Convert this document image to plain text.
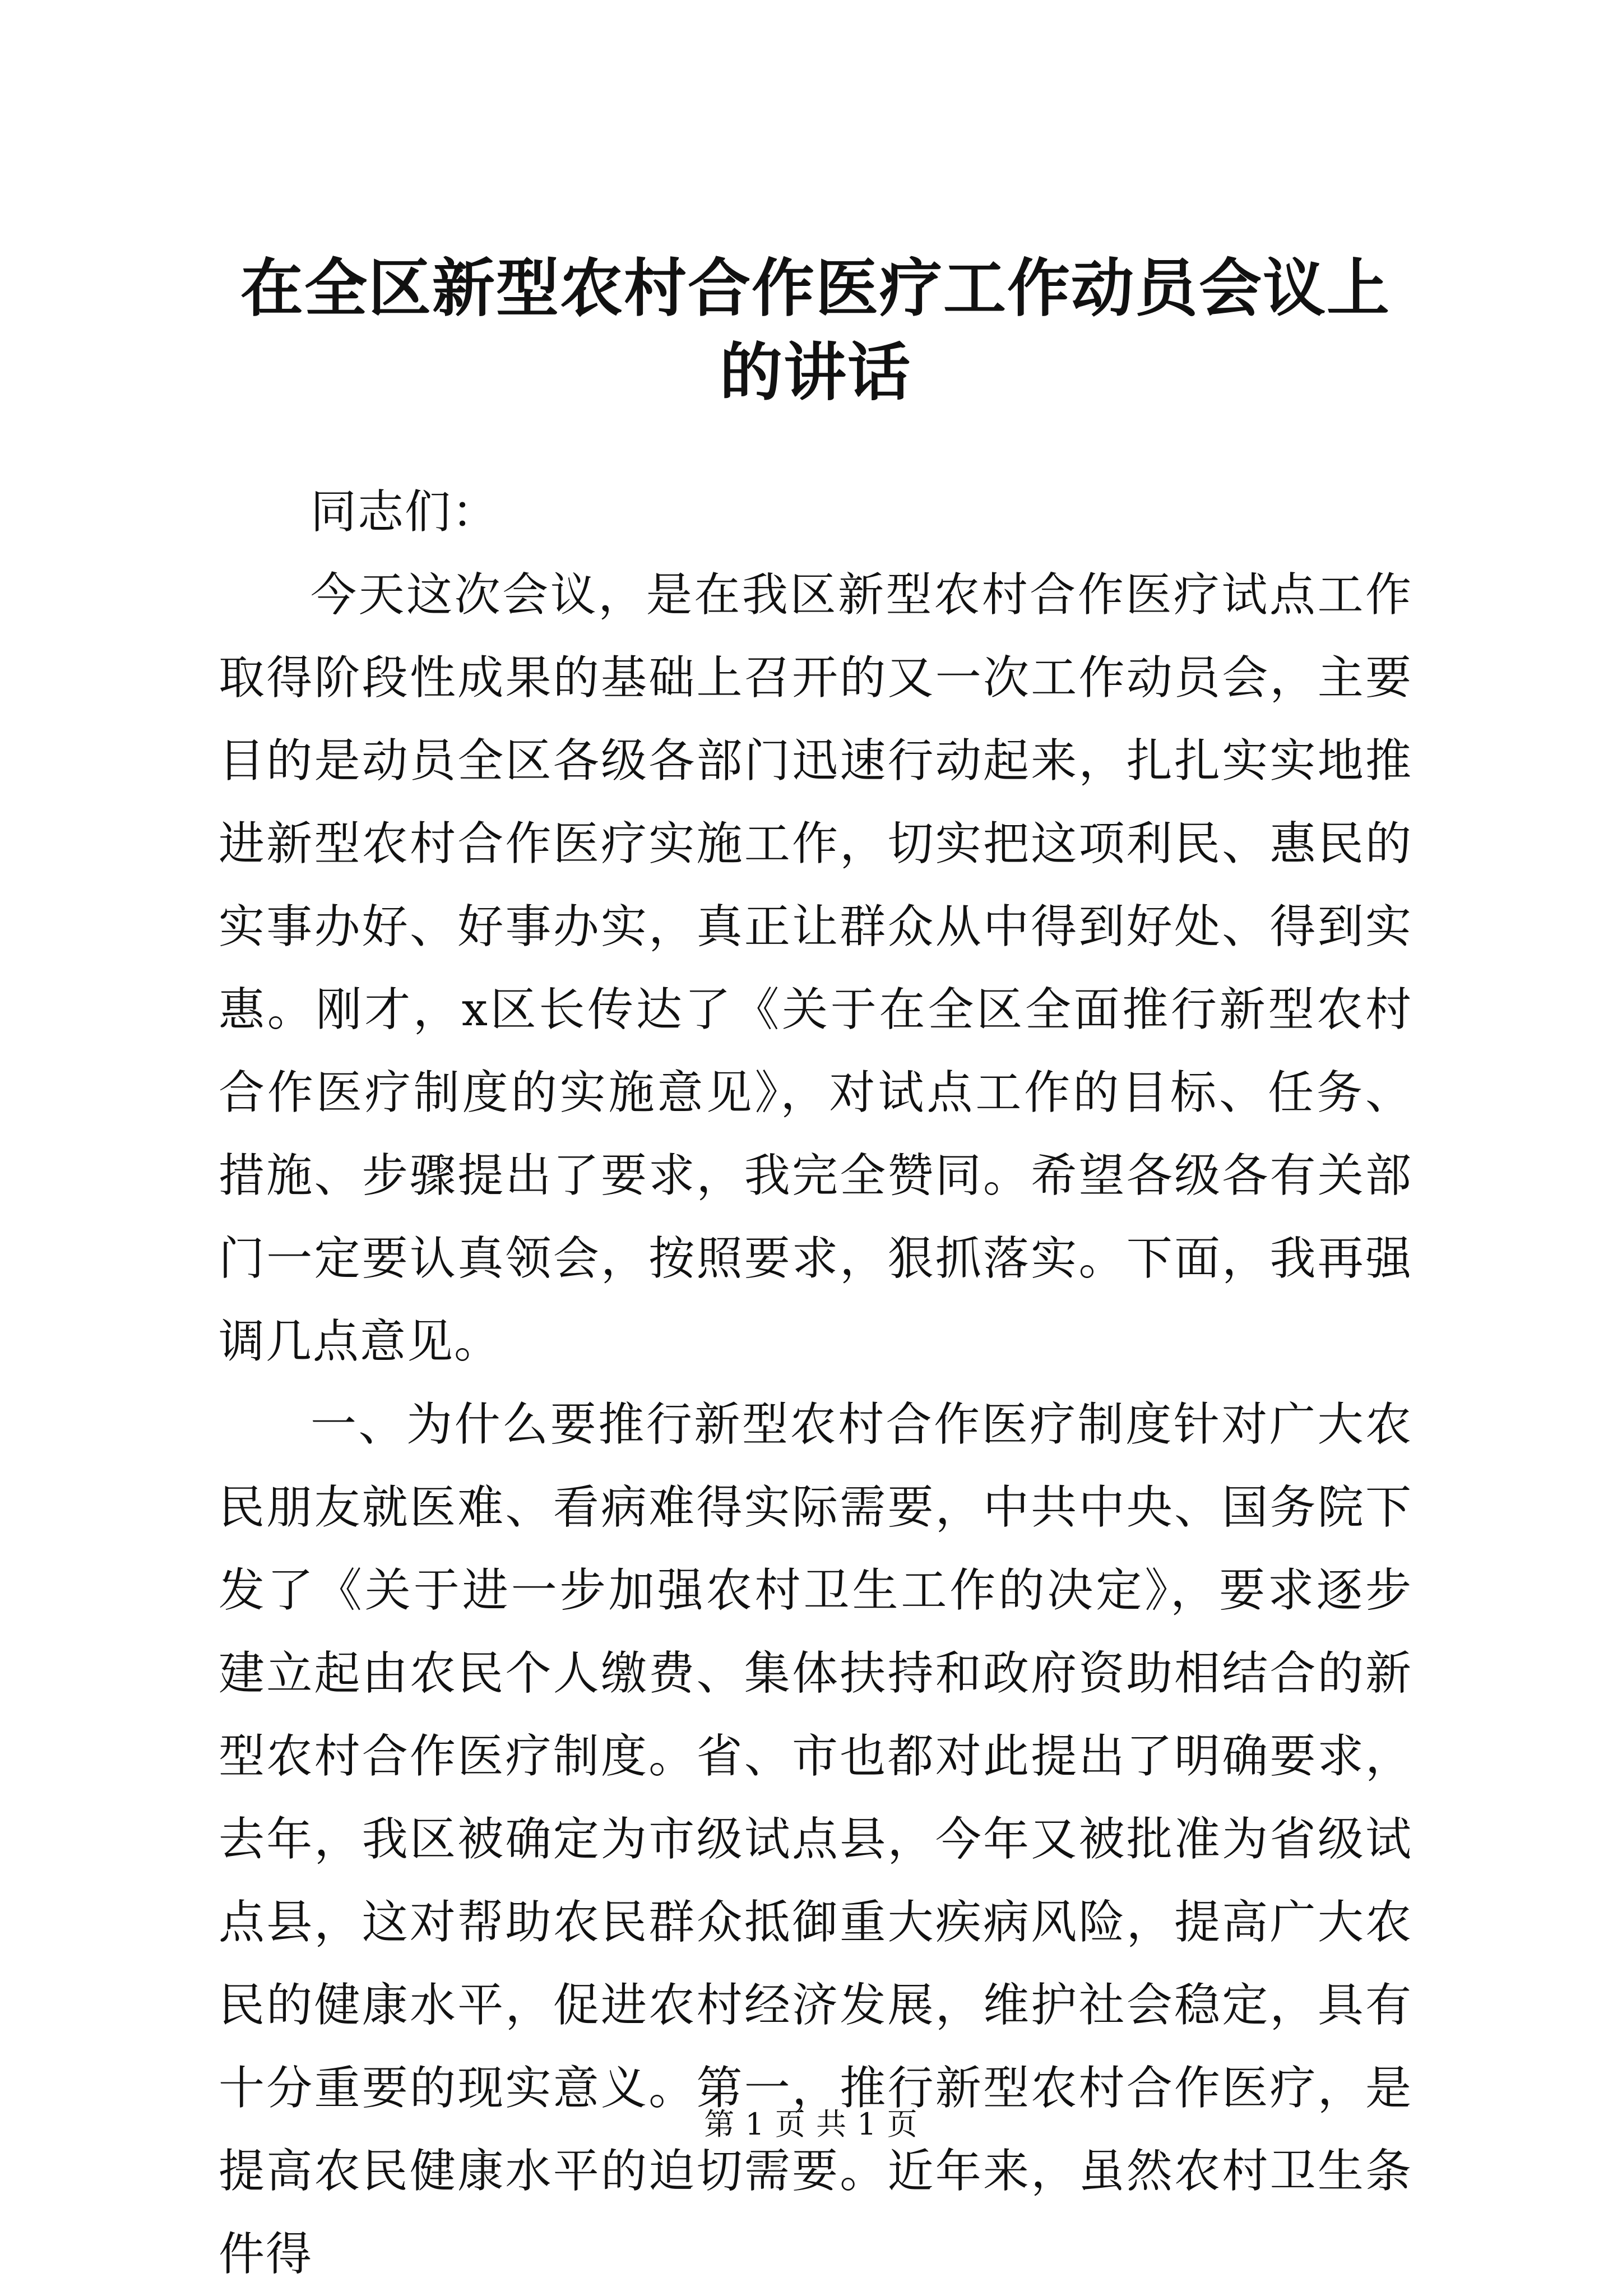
在全区新型农村合作医疗工作动员会议上的讲话

同志们：

今天这次会议，是在我区新型农村合作医疗试点工作取得阶段性成果的基础上召开的又一次工作动员会，主要目的是动员全区各级各部门迅速行动起来，扎扎实实地推进新型农村合作医疗实施工作，切实把这项利民、惠民的实事办好、好事办实，真正让群众从中得到好处、得到实惠。刚才，x区长传达了《关于在全区全面推行新型农村合作医疗制度的实施意见》，对试点工作的目标、任务、措施、步骤提出了要求，我完全赞同。希望各级各有关部门一定要认真领会，按照要求，狠抓落实。下面，我再强调几点意见。

一、为什么要推行新型农村合作医疗制度针对广大农民朋友就医难、看病难得实际需要，中共中央、国务院下发了《关于进一步加强农村卫生工作的决定》，要求逐步建立起由农民个人缴费、集体扶持和政府资助相结合的新型农村合作医疗制度。省、市也都对此提出了明确要求，去年，我区被确定为市级试点县，今年又被批准为省级试点县，这对帮助农民群众抵御重大疾病风险，提高广大农民的健康水平，促进农村经济发展，维护社会稳定，具有十分重要的现实意义。第一，推行新型农村合作医疗，是提高农民健康水平的迫切需要。近年来，虽然农村卫生条件得

第 1 页 共 1 页
